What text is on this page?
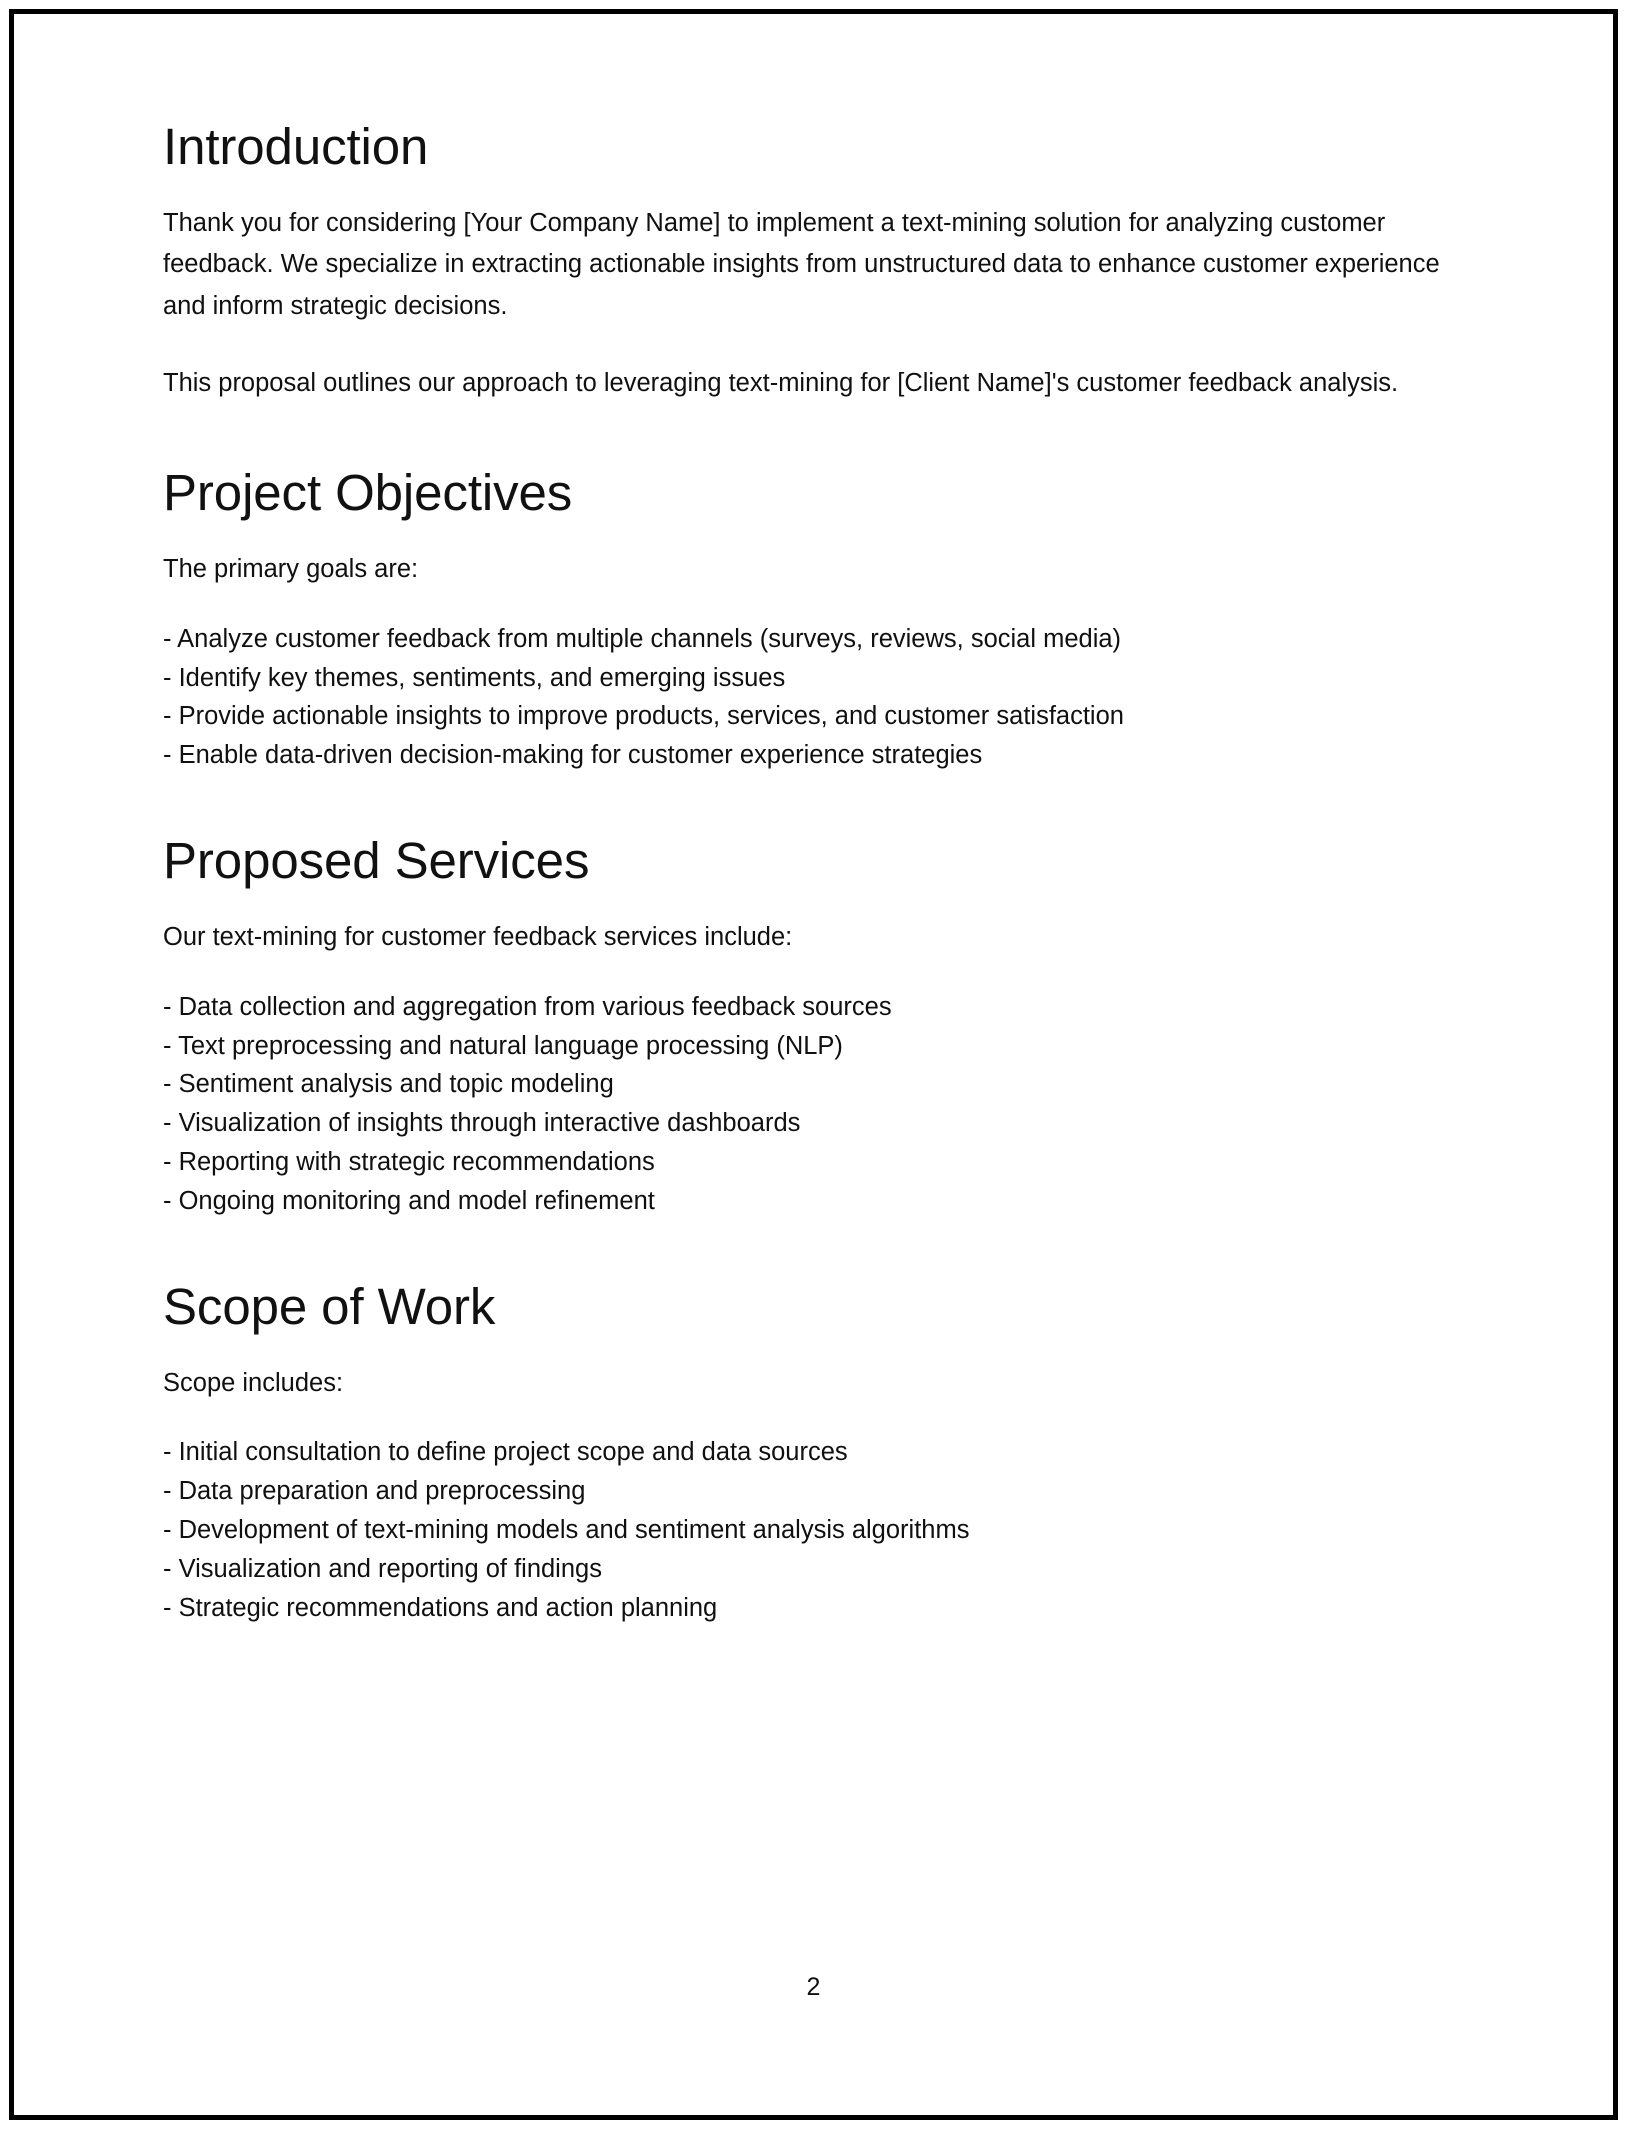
Introduction

Thank you for considering [Your Company Name] to implement a text-mining solution for analyzing customer feedback. We specialize in extracting actionable insights from unstructured data to enhance customer experience and inform strategic decisions.

This proposal outlines our approach to leveraging text-mining for [Client Name]'s customer feedback analysis.

Project Objectives

The primary goals are:

- Analyze customer feedback from multiple channels (surveys, reviews, social media)
- Identify key themes, sentiments, and emerging issues
- Provide actionable insights to improve products, services, and customer satisfaction
- Enable data-driven decision-making for customer experience strategies
Proposed Services

Our text-mining for customer feedback services include:

- Data collection and aggregation from various feedback sources
- Text preprocessing and natural language processing (NLP)
- Sentiment analysis and topic modeling
- Visualization of insights through interactive dashboards
- Reporting with strategic recommendations
- Ongoing monitoring and model refinement
Scope of Work

Scope includes:

- Initial consultation to define project scope and data sources
- Data preparation and preprocessing
- Development of text-mining models and sentiment analysis algorithms
- Visualization and reporting of findings
- Strategic recommendations and action planning
2
